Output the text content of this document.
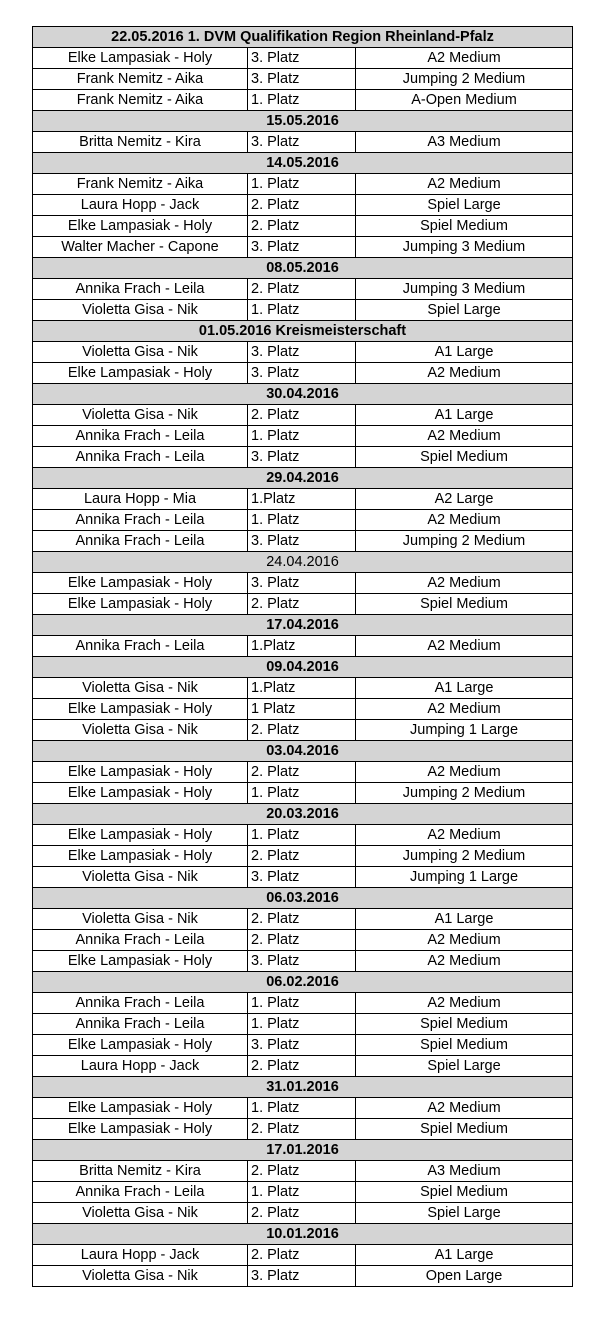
22.05.2016 1. DVM Qualifikation Region Rheinland-Pfalz		
Elke Lampasiak - Holy	3. Platz	A2 Medium
Frank Nemitz - Aika	3. Platz	Jumping 2 Medium
Frank Nemitz - Aika	1. Platz	A-Open Medium
15.05.2016		
Britta Nemitz - Kira	3. Platz	A3 Medium
14.05.2016		
Frank Nemitz - Aika	1. Platz	A2 Medium
Laura Hopp - Jack	2. Platz	Spiel Large
Elke Lampasiak - Holy	2. Platz	Spiel Medium
Walter Macher - Capone	3. Platz	Jumping 3 Medium
08.05.2016		
Annika Frach - Leila	2. Platz	Jumping 3 Medium
Violetta Gisa - Nik	1. Platz	Spiel Large
01.05.2016 Kreismeisterschaft		
Violetta Gisa - Nik	3. Platz	A1 Large
Elke Lampasiak - Holy	3. Platz	A2 Medium
30.04.2016		
Violetta Gisa - Nik	2. Platz	A1 Large
Annika Frach - Leila	1. Platz	A2 Medium
Annika Frach - Leila	3. Platz	Spiel Medium
29.04.2016		
Laura Hopp - Mia	1.Platz	A2 Large
Annika Frach - Leila	1. Platz	A2 Medium
Annika Frach - Leila	3. Platz	Jumping 2 Medium
24.04.2016		
Elke Lampasiak - Holy	3. Platz	A2 Medium
Elke Lampasiak - Holy	2. Platz	Spiel Medium
17.04.2016		
Annika Frach - Leila	1.Platz	A2 Medium
09.04.2016		
Violetta Gisa - Nik	1.Platz	A1 Large
Elke Lampasiak - Holy	1 Platz	A2 Medium
Violetta Gisa - Nik	2. Platz	Jumping 1 Large
03.04.2016		
Elke Lampasiak - Holy	2. Platz	A2 Medium
Elke Lampasiak - Holy	1. Platz	Jumping 2 Medium
20.03.2016		
Elke Lampasiak - Holy	1. Platz	A2 Medium
Elke Lampasiak - Holy	2. Platz	Jumping 2 Medium
Violetta Gisa - Nik	3. Platz	Jumping 1 Large
06.03.2016		
Violetta Gisa - Nik	2. Platz	A1 Large
Annika Frach - Leila	2. Platz	A2 Medium
Elke Lampasiak - Holy	3. Platz	A2 Medium
06.02.2016		
Annika Frach - Leila	1. Platz	A2 Medium
Annika Frach - Leila	1. Platz	Spiel Medium
Elke Lampasiak - Holy	3. Platz	Spiel Medium
Laura Hopp - Jack	2. Platz	Spiel Large
31.01.2016		
Elke Lampasiak - Holy	1. Platz	A2 Medium
Elke Lampasiak - Holy	2. Platz	Spiel Medium
17.01.2016		
Britta Nemitz - Kira	2. Platz	A3 Medium
Annika Frach - Leila	1. Platz	Spiel Medium
Violetta Gisa - Nik	2. Platz	Spiel Large
10.01.2016		
Laura Hopp - Jack	2. Platz	A1 Large
Violetta Gisa - Nik	3. Platz	Open Large
